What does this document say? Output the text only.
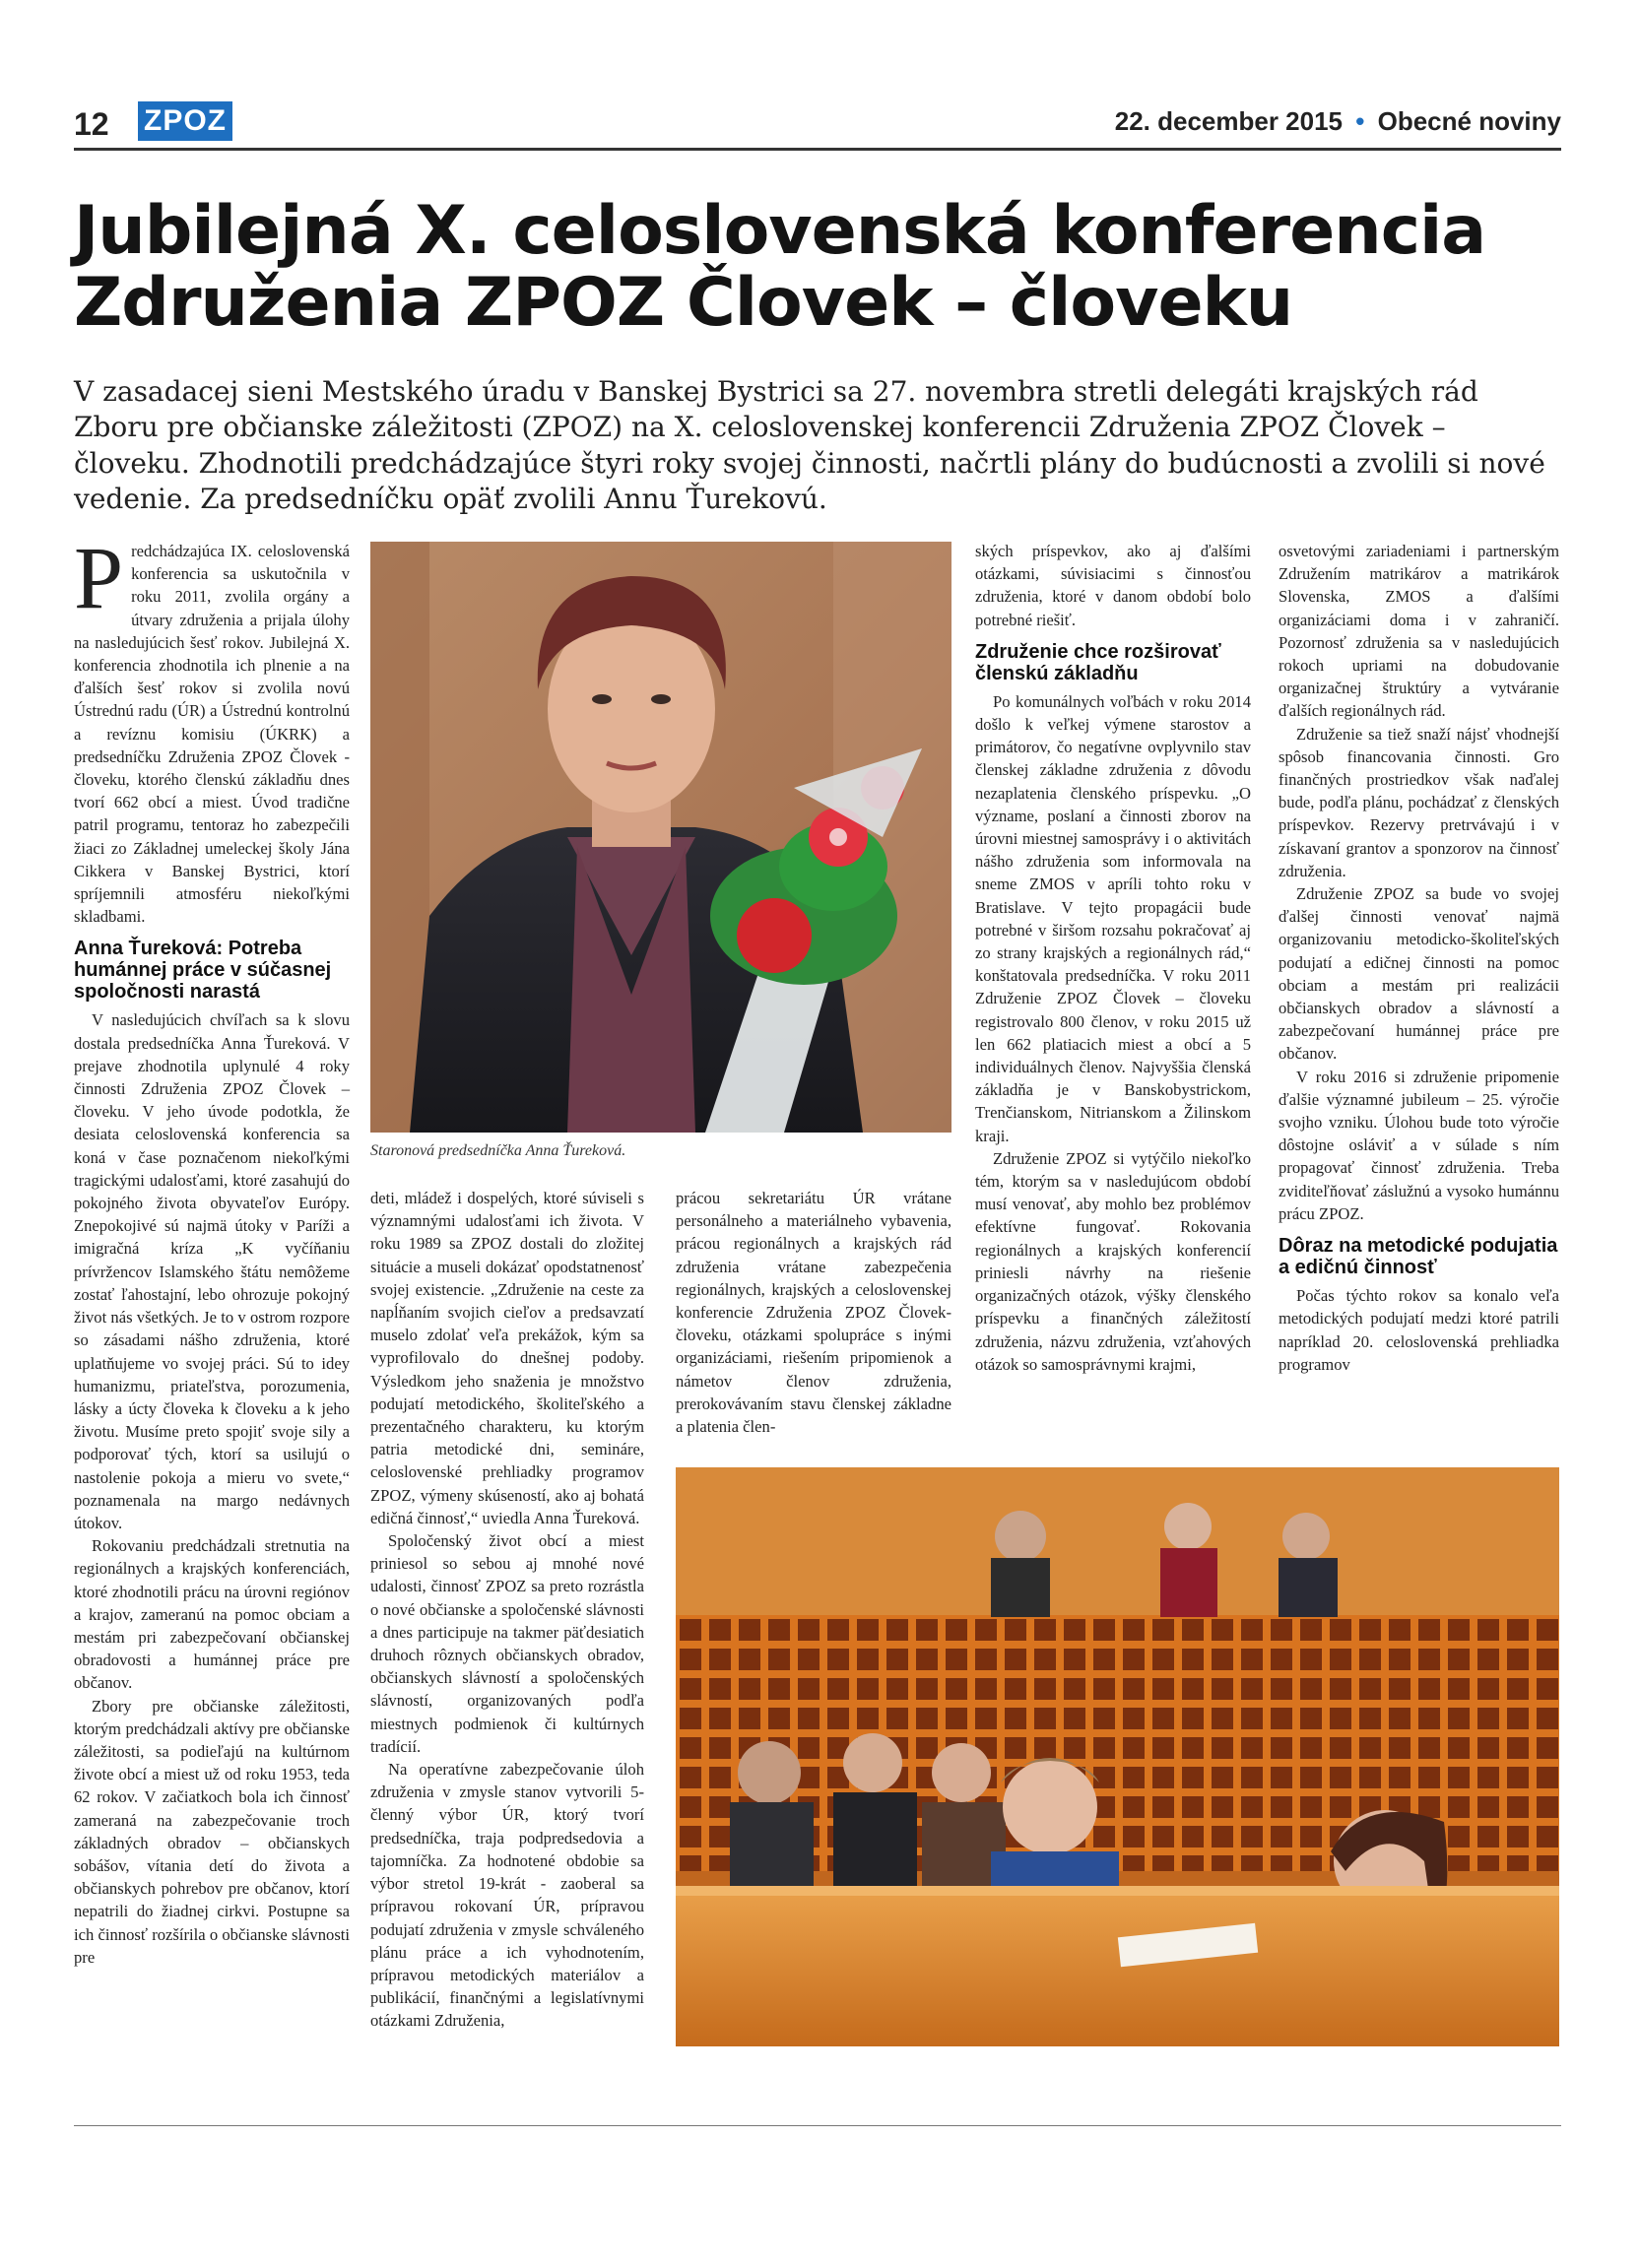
12 ZPOZ	22. december 2015 • Obecné noviny
Jubilejná X. celoslovenská konferencia
Združenia ZPOZ Človek – človeku
V zasadacej sieni Mestského úradu v Banskej Bystrici sa 27. novembra stretli delegáti krajských rád Zboru pre občianske záležitosti (ZPOZ) na X. celoslovenskej konferencii Združenia ZPOZ Človek – človeku. Zhodnotili predchádzajúce štyri roky svojej činnosti, načrtli plány do budúcnosti a zvolili si nové vedenie. Za predsedníčku opäť zvolili Annu Ťurekovú.

Predchádzajúca IX. celoslovenská konferencia sa uskutočnila v roku 2011, zvolila orgány a útvary združenia a prijala úlohy na nasledujúcich šesť rokov. Jubilejná X. konferencia zhodnotila ich plnenie a na ďalších šesť rokov si zvolila novú Ústrednú radu (ÚR) a Ústrednú kontrolnú a revíznu komisiu (ÚKRK) a predsedníčku Združenia ZPOZ Človek - človeku, ktorého členskú základňu dnes tvorí 662 obcí a miest. Úvod tradične patril programu, tentoraz ho zabezpečili žiaci zo Základnej umeleckej školy Jána Cikkera v Banskej Bystrici, ktorí spríjemnili atmosféru niekoľkými skladbami.

Anna Ťureková: Potreba humánnej práce v súčasnej spoločnosti narastá

V nasledujúcich chvíľach sa k slovu dostala predsedníčka Anna Ťureková. V prejave zhodnotila uplynulé 4 roky činnosti Združenia ZPOZ Človek – človeku. V jeho úvode podotkla, že desiata celoslovenská konferencia sa koná v čase poznačenom niekoľkými tragickými udalosťami, ktoré zasahujú do pokojného života obyvateľov Európy. Znepokojivé sú najmä útoky v Paríži a imigračná kríza „K vyčíňaniu prívržencov Islamského štátu nemôžeme zostať ľahostajní, lebo ohrozuje pokojný život nás všetkých. Je to v ostrom rozpore so zásadami nášho združenia, ktoré uplatňujeme vo svojej práci. Sú to idey humanizmu, priateľstva, porozumenia, lásky a úcty človeka k človeku a k jeho životu. Musíme preto spojiť svoje sily a podporovať tých, ktorí sa usilujú o nastolenie pokoja a mieru vo svete,“ poznamenala na margo nedávnych útokov.

Rokovaniu predchádzali stretnutia na regionálnych a krajských konferenciách, ktoré zhodnotili prácu na úrovni regiónov a krajov, zameranú na pomoc obciam a mestám pri zabezpečovaní občianskej obradovosti a humánnej práce pre občanov.

Zbory pre občianske záležitosti, ktorým predchádzali aktívy pre občianske záležitosti, sa podieľajú na kultúrnom živote obcí a miest už od roku 1953, teda 62 rokov. V začiatkoch bola ich činnosť zameraná na zabezpečovanie troch základných obradov – občianskych sobášov, vítania detí do života a občianskych pohrebov pre občanov, ktorí nepatrili do žiadnej cirkvi. Postupne sa ich činnosť rozšírila o občianske slávnosti pre

Staronová predsedníčka Anna Ťureková.

deti, mládež i dospelých, ktoré súviseli s významnými udalosťami ich života. V roku 1989 sa ZPOZ dostali do zložitej situácie a museli dokázať opodstatnenosť svojej existencie. „Združenie na ceste za napĺňaním svojich cieľov a predsavzatí muselo zdolať veľa prekážok, kým sa vyprofilovalo do dnešnej podoby. Výsledkom jeho snaženia je množstvo podujatí metodického, školiteľského a prezentačného charakteru, ku ktorým patria metodické dni, semináre, celoslovenské prehliadky programov ZPOZ, výmeny skúseností, ako aj bohatá edičná činnosť,“ uviedla Anna Ťureková.

Spoločenský život obcí a miest priniesol so sebou aj mnohé nové udalosti, činnosť ZPOZ sa preto rozrástla o nové občianske a spoločenské slávnosti a dnes participuje na takmer päťdesiatich druhoch rôznych občianskych obradov, občianskych slávností a spoločenských slávností, organizovaných podľa miestnych podmienok či kultúrnych tradícií.

Na operatívne zabezpečovanie úloh združenia v zmysle stanov vytvorili 5-členný výbor ÚR, ktorý tvorí predsedníčka, traja podpredsedovia a tajomníčka. Za hodnotené obdobie sa výbor stretol 19-krát - zaoberal sa prípravou rokovaní ÚR, prípravou podujatí združenia v zmysle schváleného plánu práce a ich vyhodnotením, prípravou metodických materiálov a publikácií, finančnými a legislatívnymi otázkami Združenia,

prácou sekretariátu ÚR vrátane personálneho a materiálneho vybavenia, prácou regionálnych a krajských rád združenia vrátane zabezpečenia regionálnych, krajských a celoslovenskej konferencie Združenia ZPOZ Človek-človeku, otázkami spolupráce s inými organizáciami, riešením pripomienok a námetov členov združenia, prerokovávaním stavu členskej základne a platenia člen-

ských príspevkov, ako aj ďalšími otázkami, súvisiacimi s činnosťou združenia, ktoré v danom období bolo potrebné riešiť.

Združenie chce rozširovať členskú základňu

Po komunálnych voľbách v roku 2014 došlo k veľkej výmene starostov a primátorov, čo negatívne ovplyvnilo stav členskej základne združenia z dôvodu nezaplatenia členského príspevku. „O význame, poslaní a činnosti zborov na úrovni miestnej samosprávy i o aktivitách nášho združenia som informovala na sneme ZMOS v apríli tohto roku v Bratislave. V tejto propagácii bude potrebné v širšom rozsahu pokračovať aj zo strany krajských a regionálnych rád,“ konštatovala predsedníčka. V roku 2011 Združenie ZPOZ Človek – človeku registrovalo 800 členov, v roku 2015 už len 662 platiacich miest a obcí a 5 individuálnych členov. Najvyššia členská základňa je v Banskobystrickom, Trenčianskom, Nitrianskom a Žilinskom kraji.

Združenie ZPOZ si vytýčilo niekoľko tém, ktorým sa v nasledujúcom období musí venovať, aby mohlo bez problémov efektívne fungovať. Rokovania regionálnych a krajských konferencií priniesli návrhy na riešenie organizačných otázok, výšky členského príspevku a finančných záležitostí združenia, názvu združenia, vzťahových otázok so samosprávnymi krajmi,

osvetovými zariadeniami i partnerským Združením matrikárov a matrikárok Slovenska, ZMOS a ďalšími organizáciami doma i v zahraničí. Pozornosť združenia sa v nasledujúcich rokoch upriami na dobudovanie organizačnej štruktúry a vytváranie ďalších regionálnych rád.

Združenie sa tiež snaží nájsť vhodnejší spôsob financovania činnosti. Gro finančných prostriedkov však naďalej bude, podľa plánu, pochádzať z členských príspevkov. Rezervy pretrvávajú i v získavaní grantov a sponzorov na činnosť združenia.

Združenie ZPOZ sa bude vo svojej ďalšej činnosti venovať najmä organizovaniu metodicko-školiteľských podujatí a edičnej činnosti na pomoc obciam a mestám pri realizácii občianskych obradov a slávností a zabezpečovaní humánnej práce pre občanov.

V roku 2016 si združenie pripomenie ďalšie významné jubileum – 25. výročie svojho vzniku. Úlohou bude toto výročie dôstojne osláviť a v súlade s ním propagovať činnosť združenia. Treba zviditeľňovať záslužnú a vysoko humánnu prácu ZPOZ.

Dôraz na metodické podujatia a edičnú činnosť

Počas týchto rokov sa konalo veľa metodických podujatí medzi ktoré patrili napríklad 20. celoslovenská prehliadka programov
